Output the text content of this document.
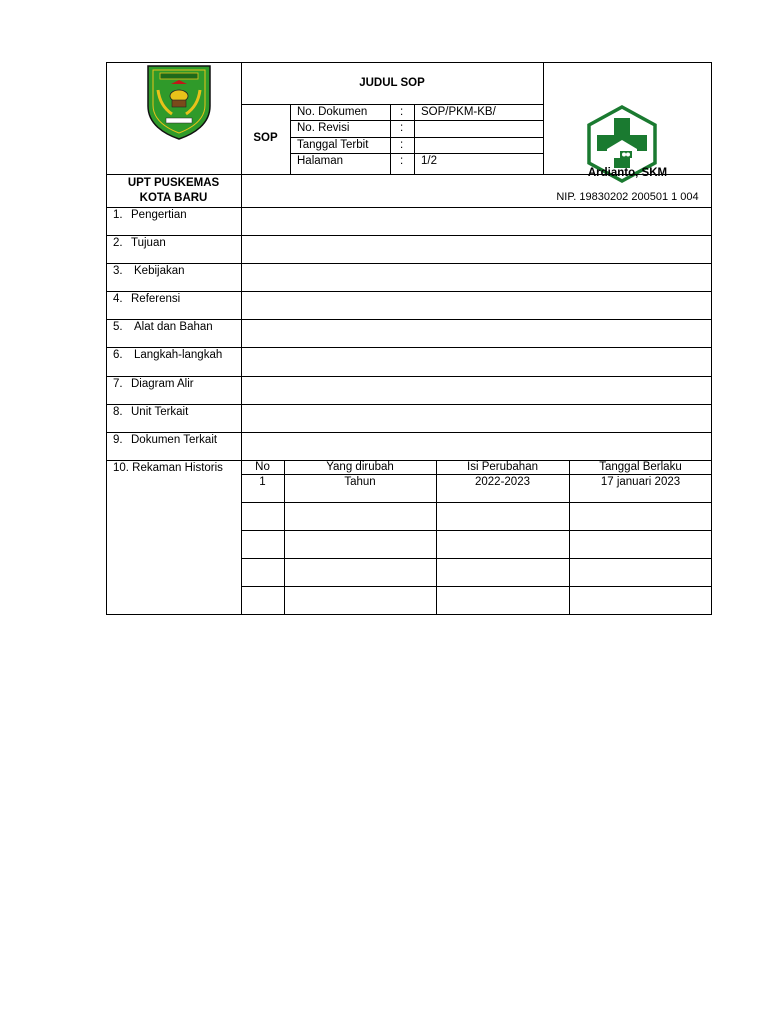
UPT PUSKEMAS
KOTA BARU
JUDUL SOP
SOP
No. Dokumen	: SOP/PKM-KB/
No. Revisi	:
Tanggal Terbit	:
Halaman	: 1/2
Ardianto, SKM
NIP. 19830202 200501 1 004
1. Pengertian
2. Tujuan
3. Kebijakan
4. Referensi
5. Alat dan Bahan
6. Langkah-langkah
7. Diagram Alir
8. Unit Terkait
9. Dokumen Terkait
10. Rekaman Historis	No	Yang dirubah	Isi Perubahan	Tanggal Berlaku
1	Tahun	2022-2023	17 januari 2023
